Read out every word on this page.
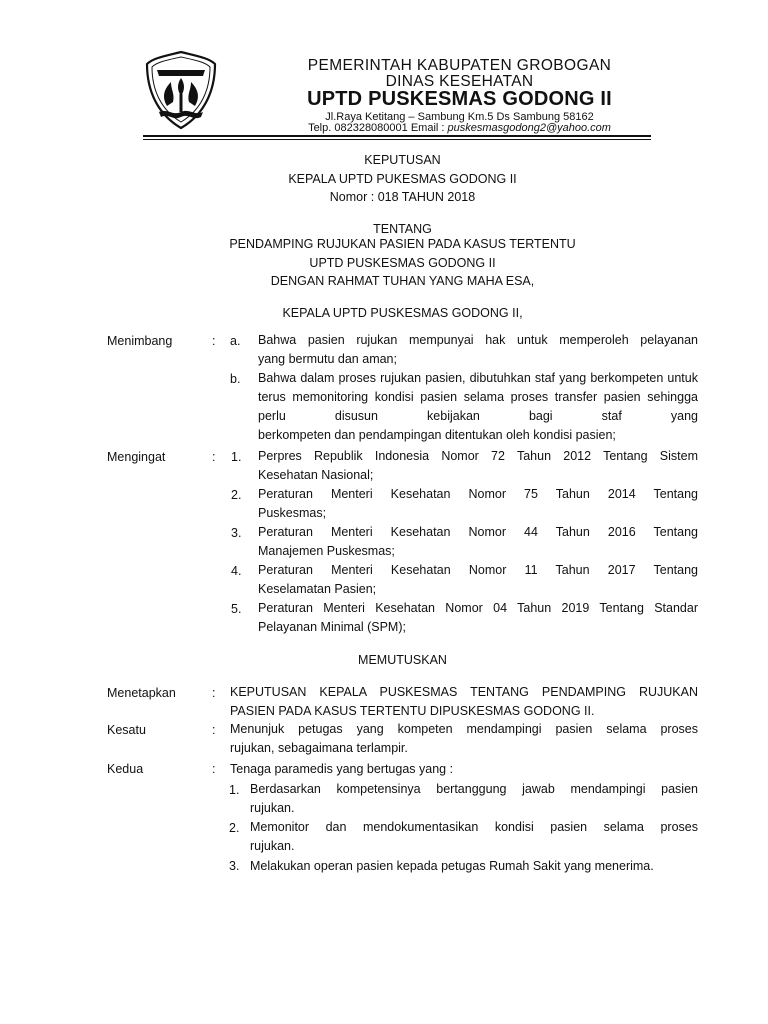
PEMERINTAH KABUPATEN GROBOGAN
DINAS KESEHATAN
UPTD PUSKESMAS GODONG II
Jl.Raya Ketitang – Sambung Km.5 Ds Sambung 58162
Telp. 082328080001 Email : puskesmasgodong2@yahoo.com
KEPUTUSAN
KEPALA UPTD PUKESMAS GODONG II
Nomor : 018 TAHUN 2018
TENTANG
PENDAMPING RUJUKAN PASIEN PADA KASUS TERTENTU
UPTD PUSKESMAS GODONG II
DENGAN RAHMAT TUHAN YANG MAHA ESA,
KEPALA UPTD PUSKESMAS GODONG II,
Menimbang	: a. Bahwa pasien rujukan mempunyai hak untuk memperoleh pelayanan
yang bermutu dan aman;
b. Bahwa dalam proses rujukan pasien, dibutuhkan staf yang berkompeten untuk terus memonitoring kondisi pasien selama proses transfer pasien sehingga perlu disusun kebijakan bagi staf yang
berkompeten dan pendampingan ditentukan oleh kondisi pasien;
Mengingat	: 1. Perpres Republik Indonesia Nomor 72 Tahun 2012 Tentang Sistem
Kesehatan Nasional;
2. Peraturan Menteri Kesehatan Nomor 75 Tahun 2014 Tentang
Puskesmas;
3. Peraturan Menteri Kesehatan Nomor 44 Tahun 2016 Tentang
Manajemen Puskesmas;
4. Peraturan Menteri Kesehatan Nomor 11 Tahun 2017 Tentang
Keselamatan Pasien;
5. Peraturan Menteri Kesehatan Nomor 04 Tahun 2019 Tentang Standar
Pelayanan Minimal (SPM);
MEMUTUSKAN
Menetapkan	: KEPUTUSAN KEPALA PUSKESMAS TENTANG PENDAMPING RUJUKAN
PASIEN PADA KASUS TERTENTU DIPUSKESMAS GODONG II.
Kesatu	: Menunjuk petugas yang kompeten mendampingi pasien selama proses
rujukan, sebagaimana terlampir.
Kedua	: Tenaga paramedis yang bertugas yang :
1. Berdasarkan kompetensinya bertanggung jawab mendampingi pasien
rujukan.
2. Memonitor dan mendokumentasikan kondisi pasien selama proses
rujukan.
3. Melakukan operan pasien kepada petugas Rumah Sakit yang menerima.
